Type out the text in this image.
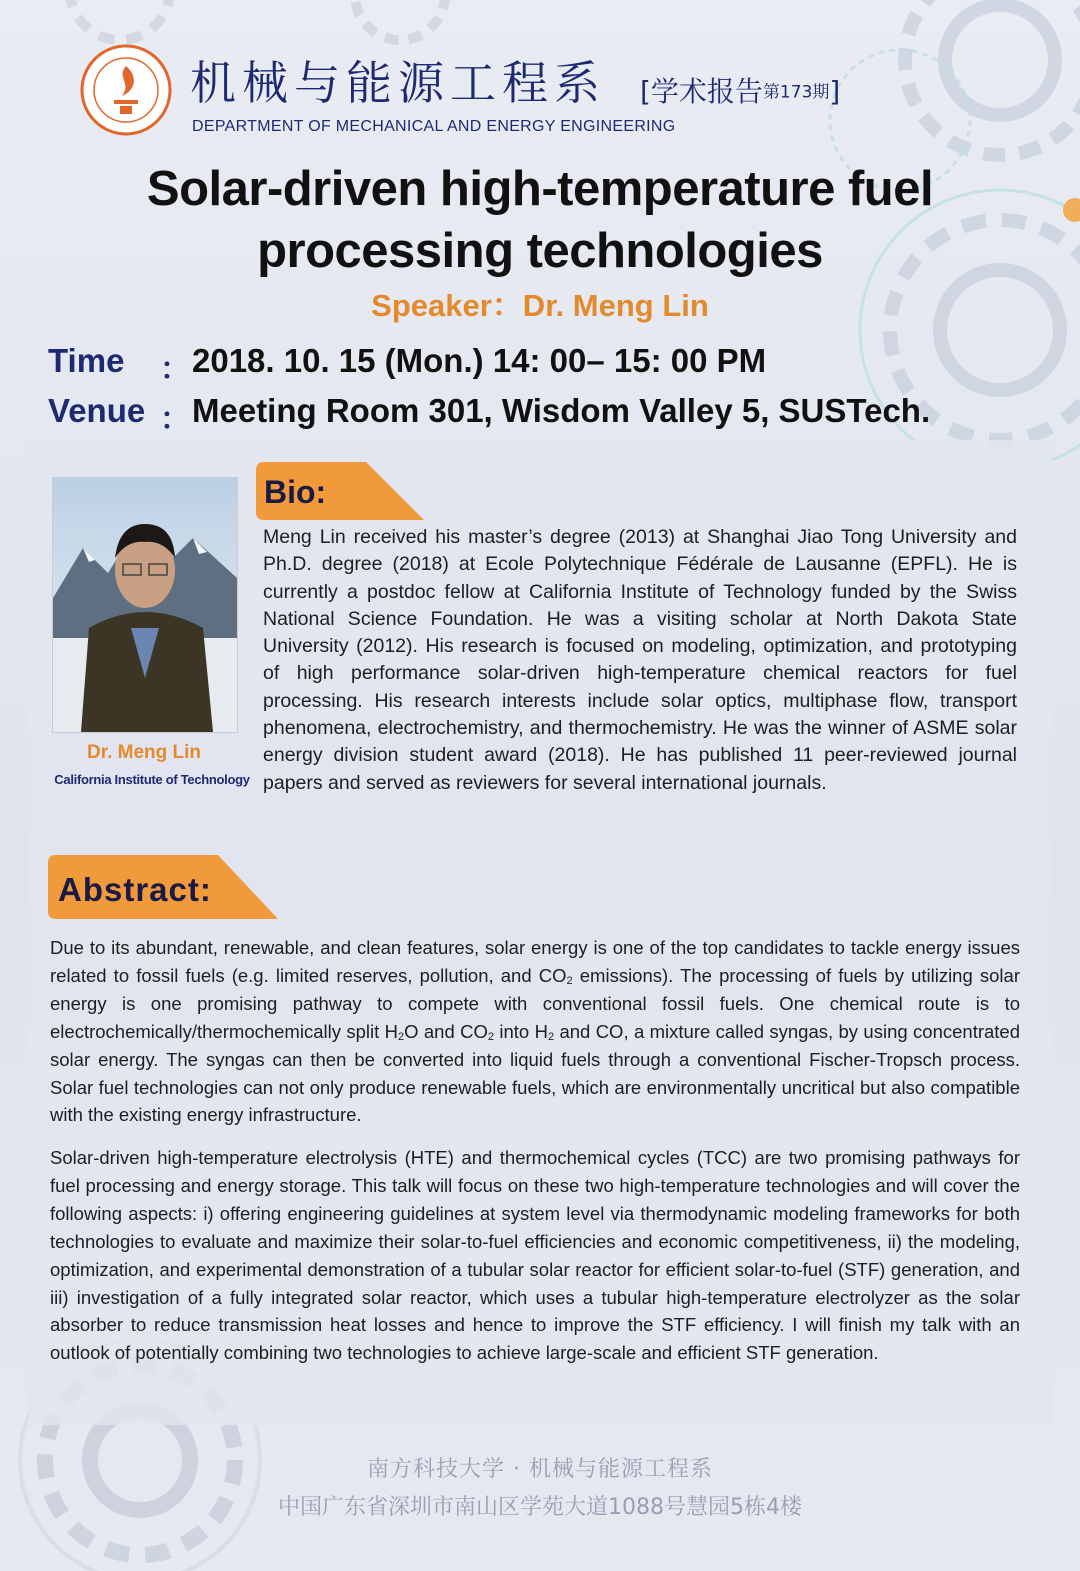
机械与能源工程系 [学术报告第173期]
DEPARTMENT OF MECHANICAL AND ENERGY ENGINEERING
Solar-driven high-temperature fuel
processing technologies
Speaker：Dr. Meng Lin
Time ： 2018. 10. 15 (Mon.) 14: 00– 15: 00 PM
Venue ： Meeting Room 301, Wisdom Valley 5, SUSTech.
Dr. Meng Lin
California Institute of Technology
Bio:
Meng Lin received his master’s degree (2013) at Shanghai Jiao Tong University and Ph.D. degree (2018) at Ecole Polytechnique Fédérale de Lausanne (EPFL). He is currently a postdoc fellow at California Institute of Technology funded by the Swiss National Science Foundation. He was a visiting scholar at North Dakota State University (2012). His research is focused on modeling, optimization, and prototyping of high performance solar-driven high-temperature chemical reactors for fuel processing. His research interests include solar optics, multiphase flow, transport phenomena, electrochemistry, and thermochemistry. He was the winner of ASME solar energy division student award (2018). He has published 11 peer-reviewed journal papers and served as reviewers for several international journals.
Abstract:
Due to its abundant, renewable, and clean features, solar energy is one of the top candidates to tackle energy issues related to fossil fuels (e.g. limited reserves, pollution, and $CO_2$ emissions). The processing of fuels by utilizing solar energy is one promising pathway to compete with conventional fossil fuels. One chemical route is to electrochemically/thermochemically split $H_2O$ and $CO_2$ into $H_2$ and CO, a mixture called syngas, by using concentrated solar energy. The syngas can then be converted into liquid fuels through a conventional Fischer-Tropsch process. Solar fuel technologies can not only produce renewable fuels, which are environmentally uncritical but also compatible with the existing energy infrastructure.
Solar-driven high-temperature electrolysis (HTE) and thermochemical cycles (TCC) are two promising pathways for fuel processing and energy storage. This talk will focus on these two high-temperature technologies and will cover the following aspects: i) offering engineering guidelines at system level via thermodynamic modeling frameworks for both technologies to evaluate and maximize their solar-to-fuel efficiencies and economic competitiveness, ii) the modeling, optimization, and experimental demonstration of a tubular solar reactor for efficient solar-to-fuel (STF) generation, and iii) investigation of a fully integrated solar reactor, which uses a tubular high-temperature electrolyzer as the solar absorber to reduce transmission heat losses and hence to improve the STF efficiency. I will finish my talk with an outlook of potentially combining two technologies to achieve large-scale and efficient STF generation.
南方科技大学 · 机械与能源工程系
中国广东省深圳市南山区学苑大道1088号慧园5栋4楼
